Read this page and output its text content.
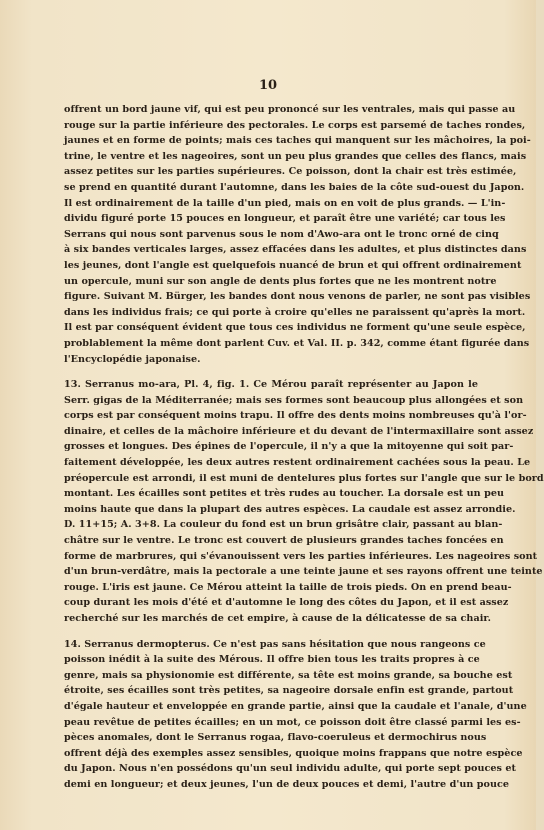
10
offrent un bord jaune vif, qui est peu prononcé sur les ventrales, mais qui passe au
rouge sur la partie inférieure des pectorales. Le corps est parsemé de taches rondes,
jaunes et en forme de points; mais ces taches qui manquent sur les mâchoires, la poi-
trine, le ventre et les nageoires, sont un peu plus grandes que celles des flancs, mais
assez petites sur les parties supérieures. Ce poisson, dont la chair est très estimée,
se prend en quantité durant l'automne, dans les baies de la côte sud-ouest du Japon.
Il est ordinairement de la taille d'un pied, mais on en voit de plus grands. — L'in-
dividu figuré porte 15 pouces en longueur, et paraît être une variété; car tous les
Serrans qui nous sont parvenus sous le nom d'Awo-ara ont le tronc orné de cinq
à six bandes verticales larges, assez effacées dans les adultes, et plus distinctes dans
les jeunes, dont l'angle est quelquefois nuancé de brun et qui offrent ordinairement
un opercule, muni sur son angle de dents plus fortes que ne les montrent notre
figure. Suivant M. Bürger, les bandes dont nous venons de parler, ne sont pas visibles
dans les individus frais; ce qui porte à croire qu'elles ne paraissent qu'après la mort.
Il est par conséquent évident que tous ces individus ne forment qu'une seule espèce,
problablement la même dont parlent Cuv. et Val. II. p. 342, comme étant figurée dans
l'Encyclopédie japonaise.
13. Serranus mo-ara, Pl. 4, fig. 1. Ce Mérou paraît représenter au Japon le
Serr. gigas de la Méditerranée; mais ses formes sont beaucoup plus allongées et son
corps est par conséquent moins trapu. Il offre des dents moins nombreuses qu'à l'or-
dinaire, et celles de la mâchoire inférieure et du devant de l'intermaxillaire sont assez
grosses et longues. Des épines de l'opercule, il n'y a que la mitoyenne qui soit par-
faitement développée, les deux autres restent ordinairement cachées sous la peau. Le
préopercule est arrondi, il est muni de dentelures plus fortes sur l'angle que sur le bord
montant. Les écailles sont petites et très rudes au toucher. La dorsale est un peu
moins haute que dans la plupart des autres espèces. La caudale est assez arrondie.
D. 11+15; A. 3+8. La couleur du fond est un brun grisâtre clair, passant au blan-
châtre sur le ventre. Le tronc est couvert de plusieurs grandes taches foncées en
forme de marbrures, qui s'évanouissent vers les parties inférieures. Les nageoires sont
d'un brun-verdâtre, mais la pectorale a une teinte jaune et ses rayons offrent une teinte
rouge. L'iris est jaune. Ce Mérou atteint la taille de trois pieds. On en prend beau-
coup durant les mois d'été et d'automne le long des côtes du Japon, et il est assez
recherché sur les marchés de cet empire, à cause de la délicatesse de sa chair.
14. Serranus dermopterus. Ce n'est pas sans hésitation que nous rangeons ce
poisson inédit à la suite des Mérous. Il offre bien tous les traits propres à ce
genre, mais sa physionomie est différente, sa tête est moins grande, sa bouche est
étroite, ses écailles sont très petites, sa nageoire dorsale enfin est grande, partout
d'égale hauteur et enveloppée en grande partie, ainsi que la caudale et l'anale, d'une
peau revêtue de petites écailles; en un mot, ce poisson doit être classé parmi les es-
pèces anomales, dont le Serranus rogaa, flavo-coeruleus et dermochirus nous
offrent déjà des exemples assez sensibles, quoique moins frappans que notre espèce
du Japon. Nous n'en possédons qu'un seul individu adulte, qui porte sept pouces et
demi en longueur; et deux jeunes, l'un de deux pouces et demi, l'autre d'un pouce
